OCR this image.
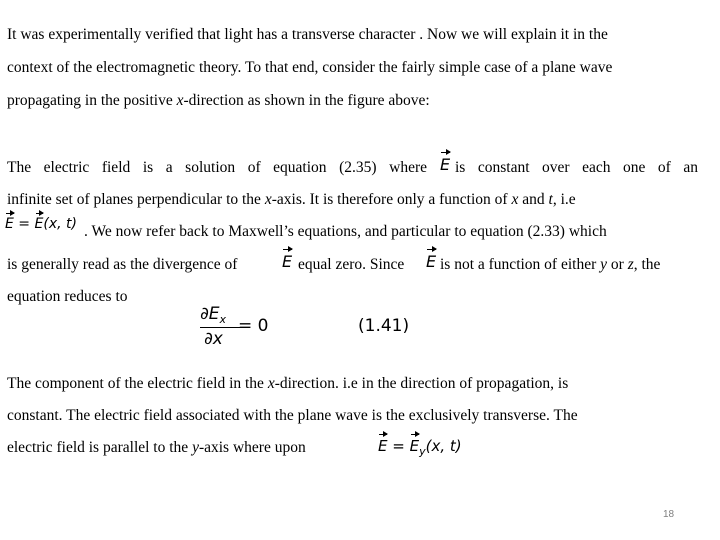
It was experimentally verified that light has a transverse character . Now we will explain it in the
context of the electromagnetic theory. To that end, consider the fairly simple case of a plane wave
propagating in the positive x-direction as shown in the figure above:
The electric field is a solution of equation (2.35) where E is constant over each one of an
infinite set of planes perpendicular to the x-axis. It is therefore only a function of x and t, i.e
E = E(x, t) . We now refer back to Maxwell’s equations, and particular to equation (2.33) which
is generally read as the divergence of	E equal zero. Since E is not a function of either y or z, the
equation reduces to
$\partial E_x$
∂x
= 0	(1.41)
The component of the electric field in the x-direction. i.e in the direction of propagation, is
constant. The electric field associated with the plane wave is the exclusively transverse. The
electric field is parallel to the y-axis where upon	$E = E_y(x$, t)
18
